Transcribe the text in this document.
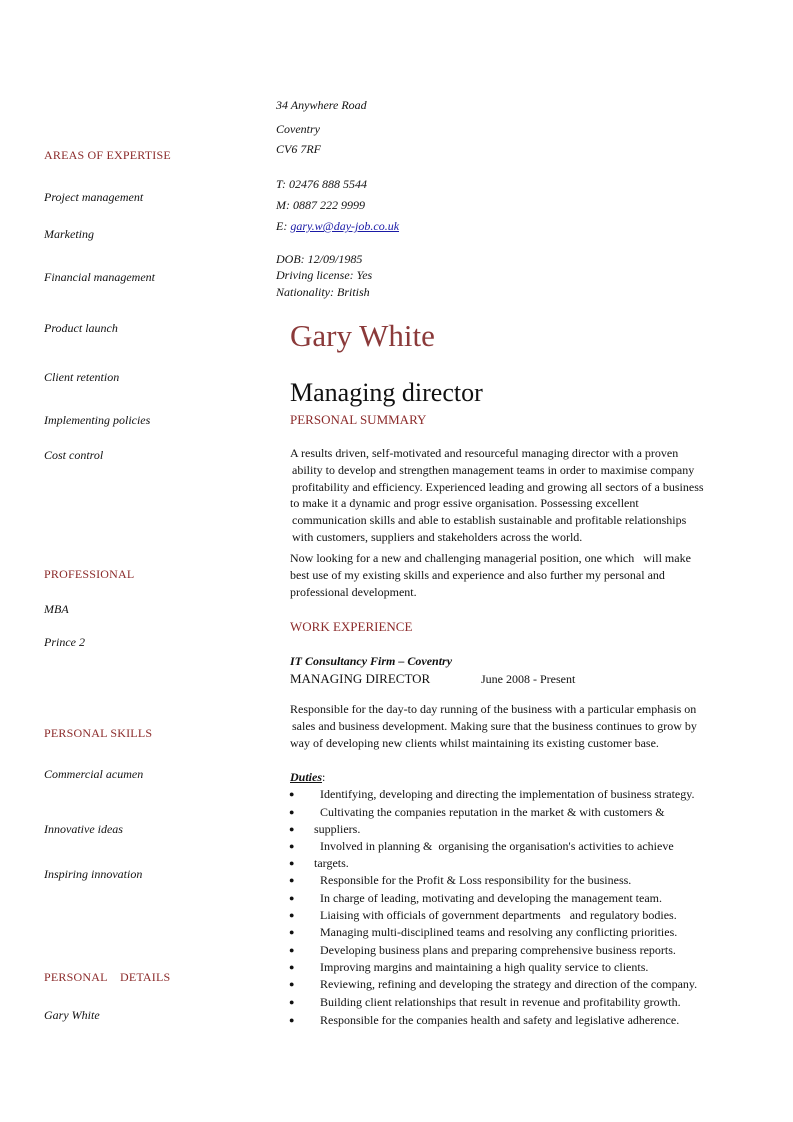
34 Anywhere Road
Coventry
CV6 7RF
T: 02476 888 5544
M: 0887 222 9999
E: gary.w@day-job.co.uk
DOB: 12/09/1985
Driving license: Yes
Nationality: British
Gary White
Managing director
AREAS OF EXPERTISE
Project management
Marketing
Financial management
Product launch
Client retention
Implementing policies
Cost control
PROFESSIONAL
MBA
Prince 2
PERSONAL SKILLS
Commercial acumen
Innovative ideas
Inspiring innovation
PERSONAL    DETAILS
Gary White
PERSONAL SUMMARY
A results driven, self-motivated and resourceful managing director with a proven
ability to develop and strengthen management teams in order to maximise company
profitability and efficiency. Experienced leading and growing all sectors of a business
to make it a dynamic and progr essive organisation. Possessing excellent
communication skills and able to establish sustainable and profitable relationships
with customers, suppliers and stakeholders across the world.
Now looking for a new and challenging managerial position, one which   will make
best use of my existing skills and experience and also further my personal and
professional development.
WORK EXPERIENCE
IT Consultancy Firm – Coventry
MANAGING DIRECTOR	June 2008 - Present
Responsible for the day-to day running of the business with a particular emphasis on
sales and business development. Making sure that the business continues to grow by
way of developing new clients whilst maintaining its existing customer base.
Duties:
● Identifying, developing and directing the implementation of business strategy.
● Cultivating the companies reputation in the market & with customers &
● suppliers.
● Involved in planning &  organising the organisation's activities to achieve
● targets.
● Responsible for the Profit & Loss responsibility for the business.
● In charge of leading, motivating and developing the management team.
● Liaising with officials of government departments   and regulatory bodies.
● Managing multi-disciplined teams and resolving any conflicting priorities.
● Developing business plans and preparing comprehensive business reports.
● Improving margins and maintaining a high quality service to clients.
● Reviewing, refining and developing the strategy and direction of the company.
● Building client relationships that result in revenue and profitability growth.
● Responsible for the companies health and safety and legislative adherence.
